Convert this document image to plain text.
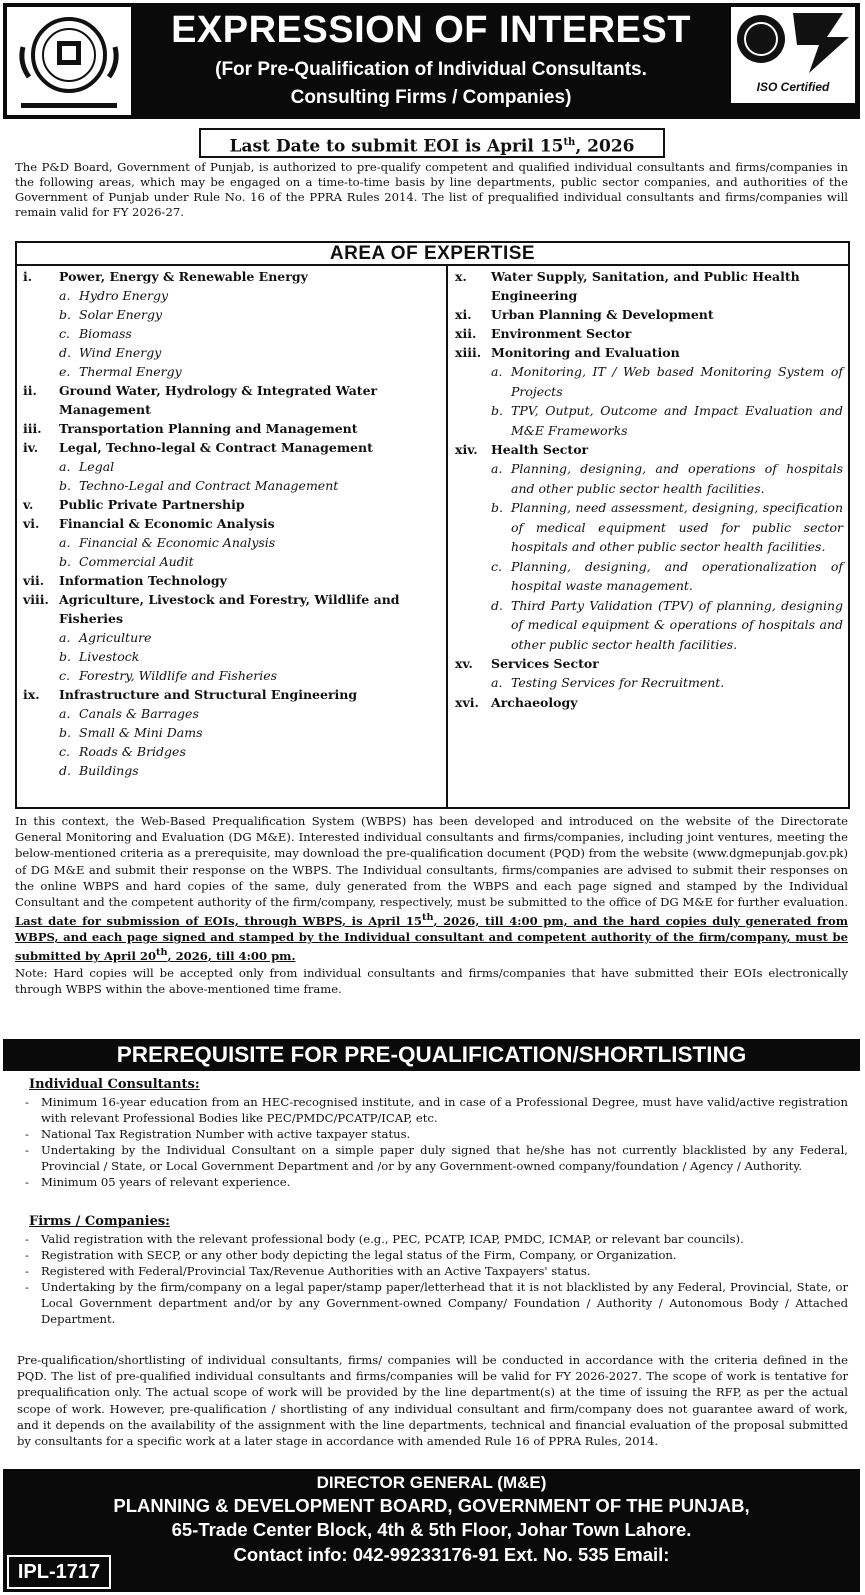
EXPRESSION OF INTEREST
(For Pre-Qualification of Individual Consultants.
Consulting Firms / Companies)	ISO Certified
Last Date to submit EOI is April 15th, 2026
The P&D Board, Government of Punjab, is authorized to pre-qualify competent and qualified individual consultants and firms/companies in the following areas, which may be engaged on a time-to-time basis by line departments, public sector companies, and authorities of the Government of Punjab under Rule No. 16 of the PPRA Rules 2014. The list of prequalified individual consultants and firms/companies will remain valid for FY 2026-27.
AREA OF EXPERTISE
i.	Power, Energy & Renewable Energy
a. Hydro Energy
b. Solar Energy
c. Biomass
d. Wind Energy
e. Thermal Energy
ii.	Ground Water, Hydrology & Integrated Water Management
iii.	Transportation Planning and Management
iv.	Legal, Techno-legal & Contract Management
a. Legal
b. Techno-Legal and Contract Management
v.	Public Private Partnership
vi.	Financial & Economic Analysis
a. Financial & Economic Analysis
b. Commercial Audit
vii.	Information Technology
viii. Agriculture, Livestock and Forestry, Wildlife and Fisheries
a. Agriculture
b. Livestock
c. Forestry, Wildlife and Fisheries
ix.	Infrastructure and Structural Engineering
a. Canals & Barrages
b. Small & Mini Dams
c. Roads & Bridges
d. Buildings
x.	Water Supply, Sanitation, and Public Health Engineering
xi.	Urban Planning & Development
xii.	Environment Sector
xiii. Monitoring and Evaluation
a. Monitoring, IT / Web based Monitoring System of Projects
b. TPV, Output, Outcome and Impact Evaluation and M&E Frameworks
xiv.	Health Sector
a. Planning, designing, and operations of hospitals and other public sector health facilities.
b. Planning, need assessment, designing, specification of medical equipment used for public sector hospitals and other public sector health facilities.
c. Planning, designing, and operationalization of hospital waste management.
d. Third Party Validation (TPV) of planning, designing of medical equipment & operations of hospitals and other public sector health facilities.
xv.	Services Sector
a. Testing Services for Recruitment.
xvi. Archaeology
In this context, the Web-Based Prequalification System (WBPS) has been developed and introduced on the website of the Directorate General Monitoring and Evaluation (DG M&E). Interested individual consultants and firms/companies, including joint ventures, meeting the below-mentioned criteria as a prerequisite, may download the pre-qualification document (PQD) from the website (www.dgmepunjab.gov.pk) of DG M&E and submit their response on the WBPS. The Individual consultants, firms/companies are advised to submit their responses on the online WBPS and hard copies of the same, duly generated from the WBPS and each page signed and stamped by the Individual Consultant and the competent authority of the firm/company, respectively, must be submitted to the office of DG M&E for further evaluation. Last date for submission of EOIs, through WBPS, is April 15th, 2026, till 4:00 pm, and the hard copies duly generated from WBPS, and each page signed and stamped by the Individual consultant and competent authority of the firm/company, must be submitted by April 20th, 2026, till 4:00 pm.
Note: Hard copies will be accepted only from individual consultants and firms/companies that have submitted their EOIs electronically through WBPS within the above-mentioned time frame.
PREREQUISITE FOR PRE-QUALIFICATION/SHORTLISTING
Individual Consultants:
- Minimum 16-year education from an HEC-recognised institute, and in case of a Professional Degree, must have valid/active registration with relevant Professional Bodies like PEC/PMDC/PCATP/ICAP, etc.
- National Tax Registration Number with active taxpayer status.
- Undertaking by the Individual Consultant on a simple paper duly signed that he/she has not currently blacklisted by any Federal, Provincial / State, or Local Government Department and /or by any Government-owned company/foundation / Agency / Authority.
- Minimum 05 years of relevant experience.
Firms / Companies:
- Valid registration with the relevant professional body (e.g., PEC, PCATP, ICAP, PMDC, ICMAP, or relevant bar councils).
- Registration with SECP, or any other body depicting the legal status of the Firm, Company, or Organization.
- Registered with Federal/Provincial Tax/Revenue Authorities with an Active Taxpayers' status.
- Undertaking by the firm/company on a legal paper/stamp paper/letterhead that it is not blacklisted by any Federal, Provincial, State, or Local Government department and/or by any Government-owned Company/ Foundation / Authority / Autonomous Body / Attached Department.
Pre-qualification/shortlisting of individual consultants, firms/ companies will be conducted in accordance with the criteria defined in the PQD. The list of pre-qualified individual consultants and firms/companies will be valid for FY 2026-2027. The scope of work is tentative for prequalification only. The actual scope of work will be provided by the line department(s) at the time of issuing the RFP, as per the actual scope of work. However, pre-qualification / shortlisting of any individual consultant and firm/company does not guarantee award of work, and it depends on the availability of the assignment with the line departments, technical and financial evaluation of the proposal submitted by consultants for a specific work at a later stage in accordance with amended Rule 16 of PPRA Rules, 2014.
DIRECTOR GENERAL (M&E)
PLANNING & DEVELOPMENT BOARD, GOVERNMENT OF THE PUNJAB,
65-Trade Center Block, 4th & 5th Floor, Johar Town Lahore.
Contact info: 042-99233176-91 Ext. No. 535 Email:
IPL-1717
